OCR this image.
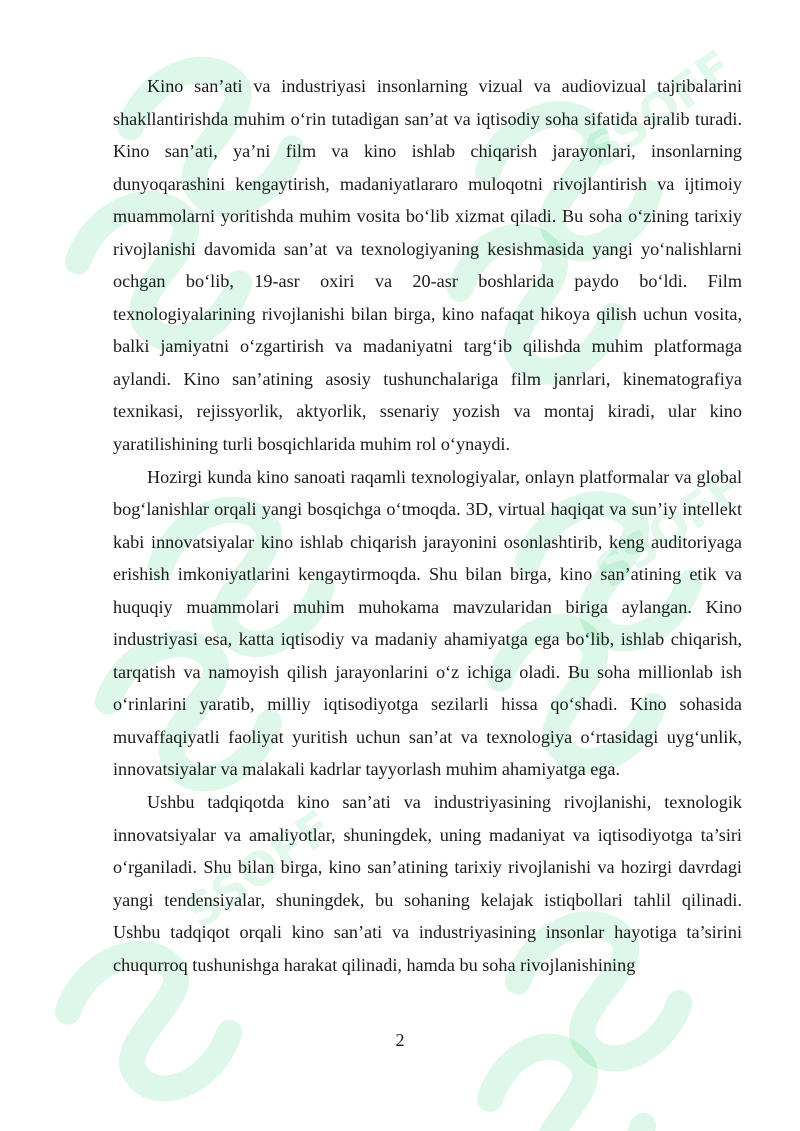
SSOFF
SSOFF
SSOFF

Kino san’ati va industriyasi insonlarning vizual va audiovizual tajribalarini shakllantirishda muhim o‘rin tutadigan san’at va iqtisodiy soha sifatida ajralib turadi. Kino san’ati, ya’ni film va kino ishlab chiqarish jarayonlari, insonlarning dunyoqarashini kengaytirish, madaniyatlararo muloqotni rivojlantirish va ijtimoiy muammolarni yoritishda muhim vosita bo‘lib xizmat qiladi. Bu soha o‘zining tarixiy rivojlanishi davomida san’at va texnologiyaning kesishmasida yangi yo‘nalishlarni ochgan bo‘lib, 19-asr oxiri va 20-asr boshlarida paydo bo‘ldi. Film texnologiyalarining rivojlanishi bilan birga, kino nafaqat hikoya qilish uchun vosita, balki jamiyatni o‘zgartirish va madaniyatni targ‘ib qilishda muhim platformaga aylandi. Kino san’atining asosiy tushunchalariga film janrlari, kinematografiya texnikasi, rejissyorlik, aktyorlik, ssenariy yozish va montaj kiradi, ular kino yaratilishining turli bosqichlarida muhim rol o‘ynaydi.

Hozirgi kunda kino sanoati raqamli texnologiyalar, onlayn platformalar va global bog‘lanishlar orqali yangi bosqichga o‘tmoqda. 3D, virtual haqiqat va sun’iy intellekt kabi innovatsiyalar kino ishlab chiqarish jarayonini osonlashtirib, keng auditoriyaga erishish imkoniyatlarini kengaytirmoqda. Shu bilan birga, kino san’atining etik va huquqiy muammolari muhim muhokama mavzularidan biriga aylangan. Kino industriyasi esa, katta iqtisodiy va madaniy ahamiyatga ega bo‘lib, ishlab chiqarish, tarqatish va namoyish qilish jarayonlarini o‘z ichiga oladi. Bu soha millionlab ish o‘rinlarini yaratib, milliy iqtisodiyotga sezilarli hissa qo‘shadi. Kino sohasida muvaffaqiyatli faoliyat yuritish uchun san’at va texnologiya o‘rtasidagi uyg‘unlik, innovatsiyalar va malakali kadrlar tayyorlash muhim ahamiyatga ega.

Ushbu tadqiqotda kino san’ati va industriyasining rivojlanishi, texnologik innovatsiyalar va amaliyotlar, shuningdek, uning madaniyat va iqtisodiyotga ta’siri o‘rganiladi. Shu bilan birga, kino san’atining tarixiy rivojlanishi va hozirgi davrdagi yangi tendensiyalar, shuningdek, bu sohaning kelajak istiqbollari tahlil qilinadi. Ushbu tadqiqot orqali kino san’ati va industriyasining insonlar hayotiga ta’sirini chuqurroq tushunishga harakat qilinadi, hamda bu soha rivojlanishining

2
